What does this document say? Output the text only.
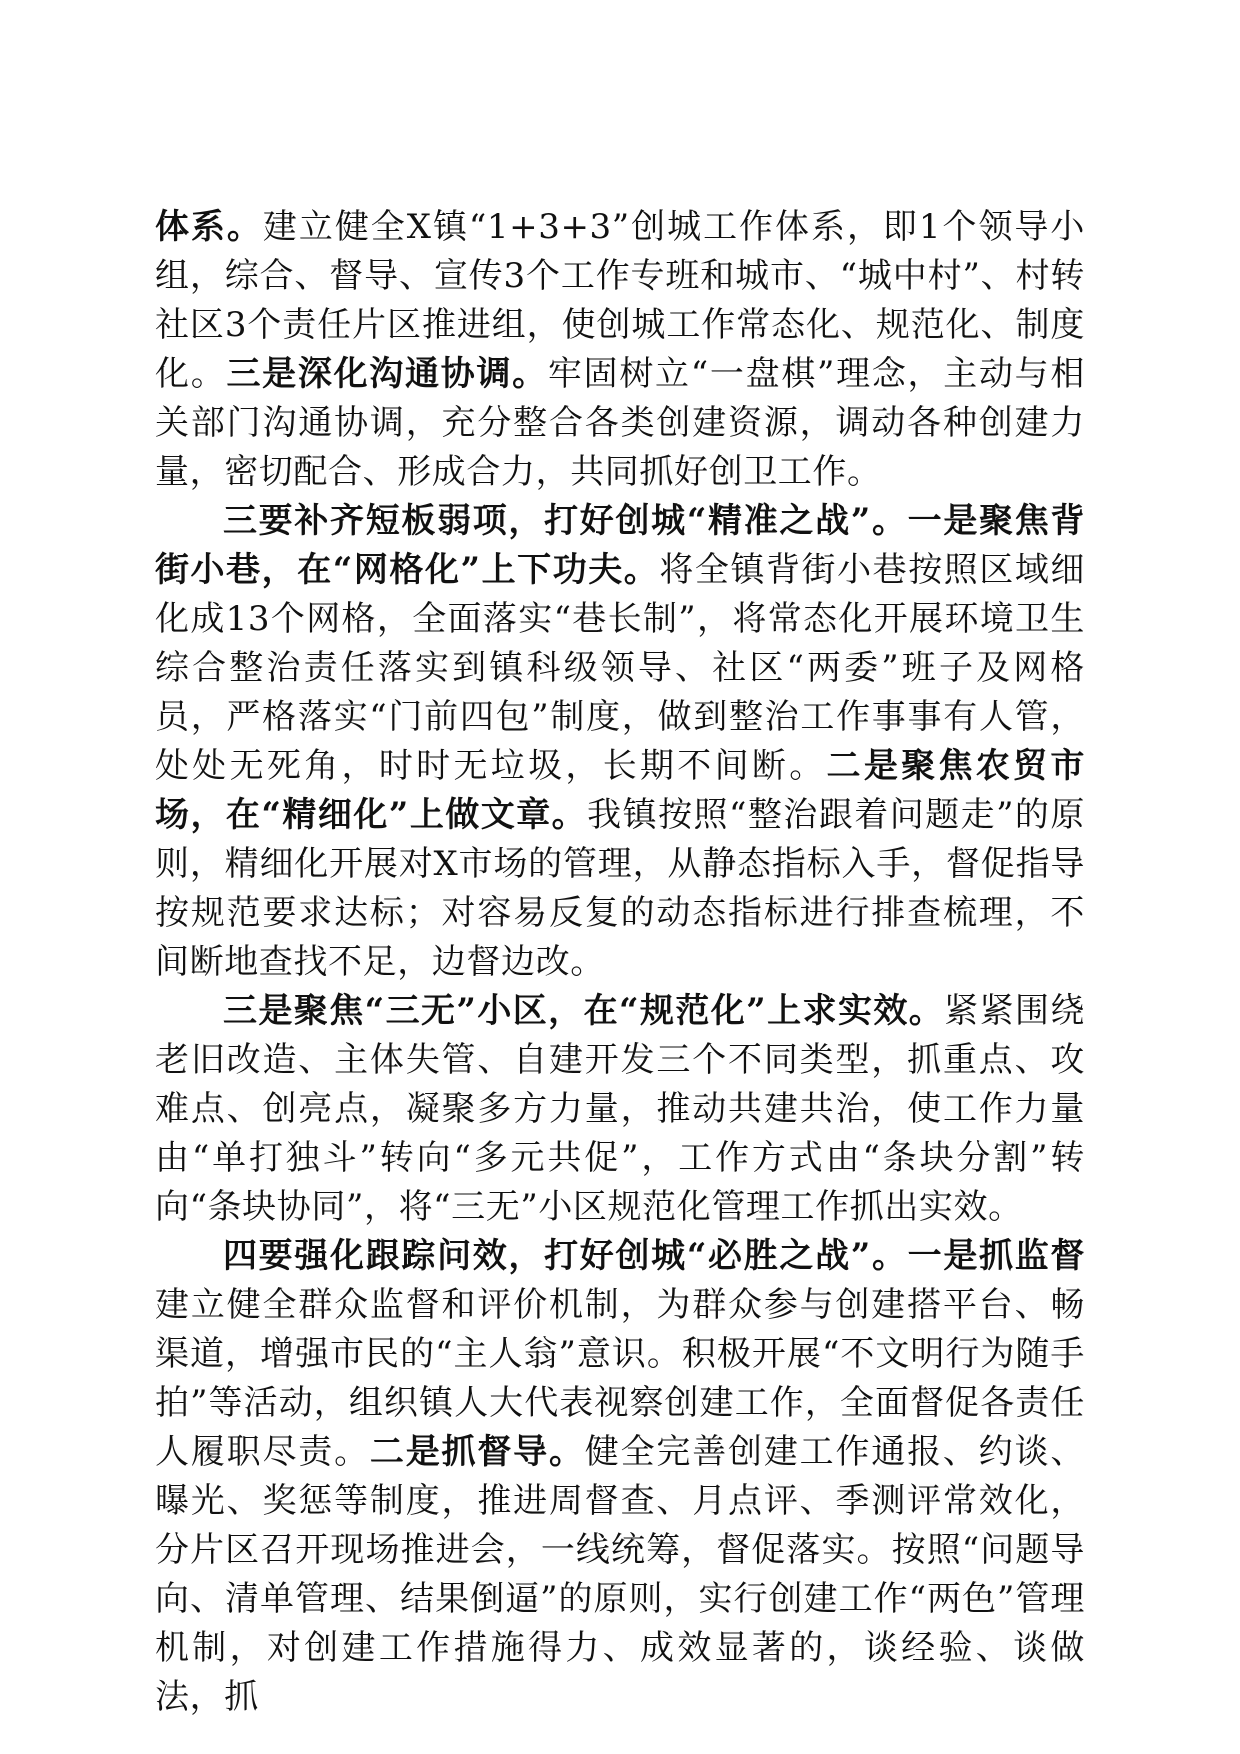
体系。建立健全X镇“1+3+3”创城工作体系，即1个领导小组，综合、督导、宣传3个工作专班和城市、“城中村”、村转社区3个责任片区推进组，使创城工作常态化、规范化、制度化。三是深化沟通协调。牢固树立“一盘棋”理念，主动与相关部门沟通协调，充分整合各类创建资源，调动各种创建力量，密切配合、形成合力，共同抓好创卫工作。

三要补齐短板弱项，打好创城“精准之战”。一是聚焦背街小巷，在“网格化”上下功夫。将全镇背街小巷按照区域细化成13个网格，全面落实“巷长制”，将常态化开展环境卫生综合整治责任落实到镇科级领导、社区“两委”班子及网格员，严格落实“门前四包”制度，做到整治工作事事有人管，处处无死角，时时无垃圾，长期不间断。二是聚焦农贸市场，在“精细化”上做文章。我镇按照“整治跟着问题走”的原则，精细化开展对X市场的管理，从静态指标入手，督促指导按规范要求达标；对容易反复的动态指标进行排查梳理，不间断地查找不足，边督边改。

三是聚焦“三无”小区，在“规范化”上求实效。紧紧围绕老旧改造、主体失管、自建开发三个不同类型，抓重点、攻难点、创亮点，凝聚多方力量，推动共建共治，使工作力量由“单打独斗”转向“多元共促”，工作方式由“条块分割”转向“条块协同”，将“三无”小区规范化管理工作抓出实效。

四要强化跟踪问效，打好创城“必胜之战”。一是抓监督建立健全群众监督和评价机制，为群众参与创建搭平台、畅渠道，增强市民的“主人翁”意识。积极开展“不文明行为随手拍”等活动，组织镇人大代表视察创建工作，全面督促各责任人履职尽责。二是抓督导。健全完善创建工作通报、约谈、曝光、奖惩等制度，推进周督查、月点评、季测评常效化，分片区召开现场推进会，一线统筹，督促落实。按照“问题导向、清单管理、结果倒逼”的原则，实行创建工作“两色”管理机制，对创建工作措施得力、成效显著的，谈经验、谈做法，抓
